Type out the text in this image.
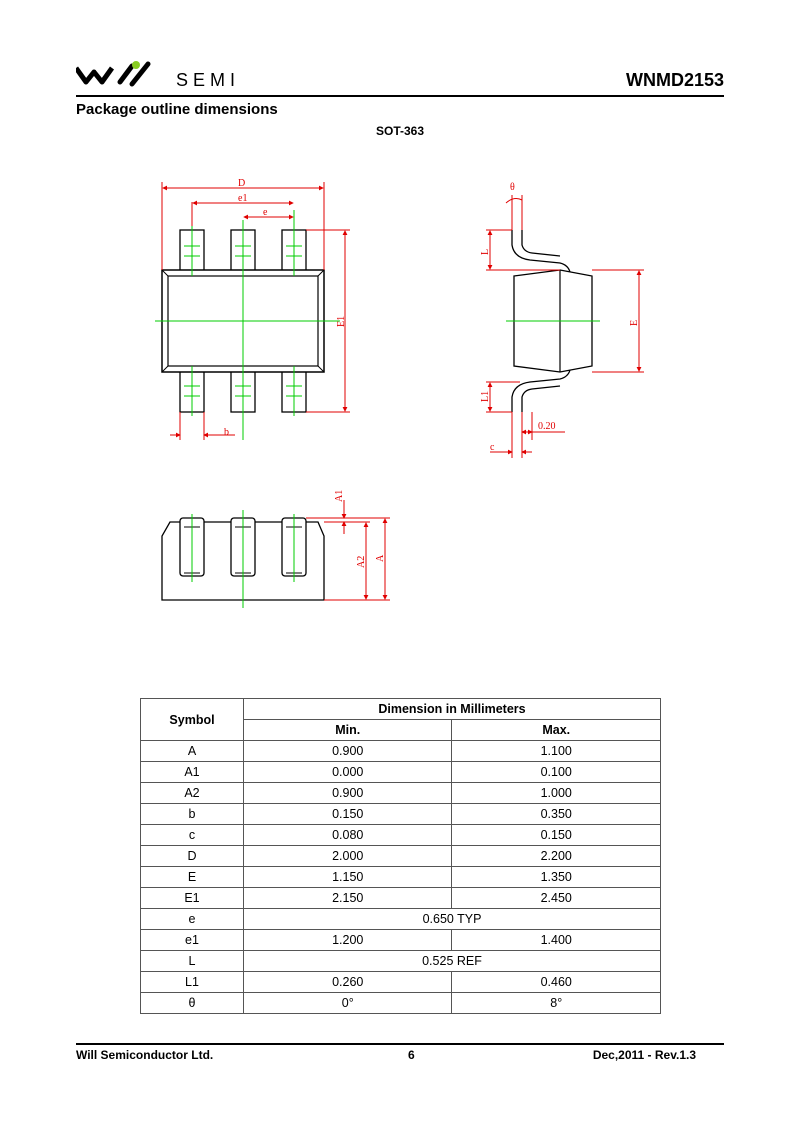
SEMI	WNMD2153
Package outline dimensions
SOT-363
D
e1
e
b
E1
θ
L
E
L1
0.20
c
A1
A2 A
Symbol	Dimension in Millimeters	
	Min.	Max.
A	0.900	1.100
A1	0.000	0.100
A2	0.900	1.000
b	0.150	0.350
c	0.080	0.150
D	2.000	2.200
E	1.150	1.350
E1	2.150	2.450
e	0.650 TYP	
e1	1.200	1.400
L	0.525 REF	
L1	0.260	0.460
θ	0°	8°
Will Semiconductor Ltd.	6	Dec,2011 - Rev.1.3
